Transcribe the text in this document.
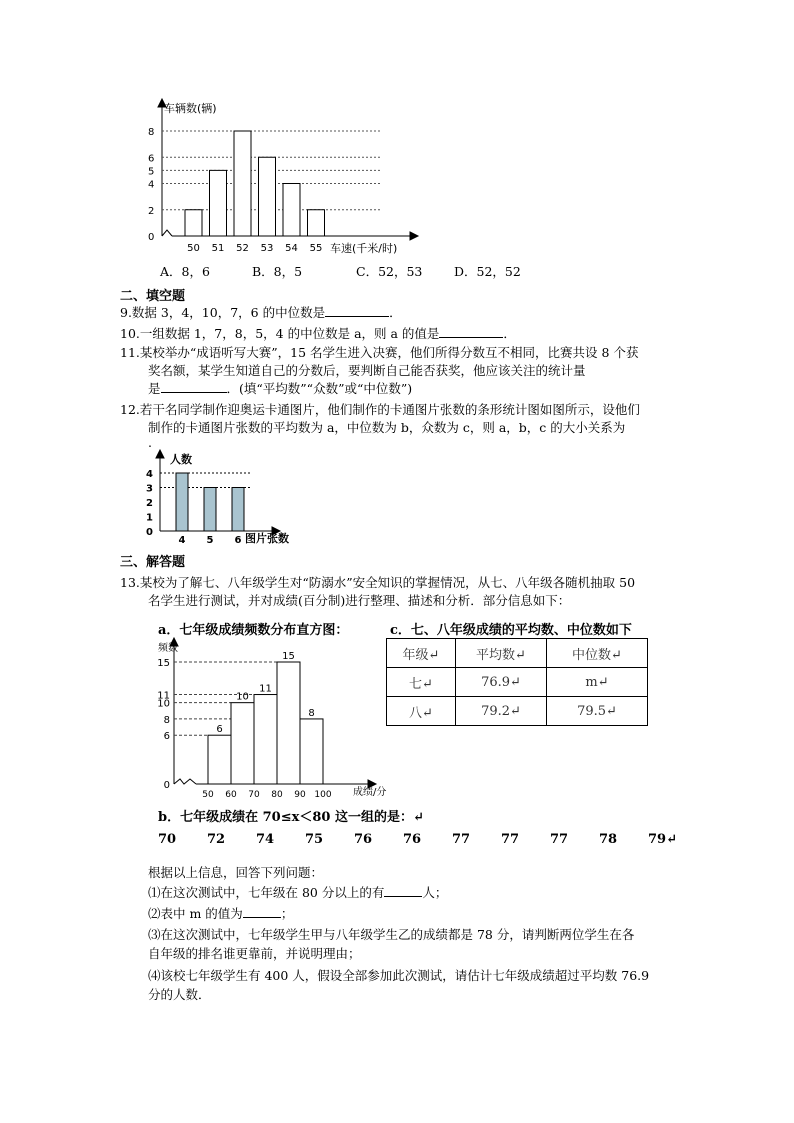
0
2
4
5
6
8
50 51 52 53 54 55
车辆数(辆)
车速(千米/时)
A．8，6	B．8，5	C．52，53	D．52，52
二、填空题
9.数据 3，4，10，7，6 的中位数是	．
10.一组数据 1，7，8，5，4 的中位数是 a，则 a 的值是	．
11.某校举办“成语听写大赛”，15 名学生进入决赛，他们所得分数互不相同，比赛共设 8 个获
奖名额，某学生知道自己的分数后，要判断自己能否获奖，他应该关注的统计量
是	．(填“平均数”“众数”或“中位数”)
12.若干名同学制作迎奥运卡通图片，他们制作的卡通图片张数的条形统计图如图所示，设他们
制作的卡通图片张数的平均数为 a，中位数为 b，众数为 c，则 a，b，c 的大小关系为
.
0
1
2
3
4
4 5 6
人数
图片张数
三、解答题
13.某校为了解七、八年级学生对“防溺水”安全知识的掌握情况，从七、八年级各随机抽取 50
名学生进行测试，并对成绩(百分制)进行整理、描述和分析．部分信息如下：
a．七年级成绩频数分布直方图：	c．七、八年级成绩的平均数、中位数如下
0
6
8
10
11
15
6
10
11
15
8
50 60 70 80 90 100
频数
成绩/分
年级↵	平均数↵	中位数↵
七↵	76.9↵	m↵
八↵	79.2↵	79.5↵
b．七年级成绩在 70≤x＜80 这一组的是：↵
70 72 74 75 76 76 77 77 77 78 79↵
根据以上信息，回答下列问题：
⑴在这次测试中，七年级在 80 分以上的有	人；
⑵表中 m 的值为	；
⑶在这次测试中，七年级学生甲与八年级学生乙的成绩都是 78 分，请判断两位学生在各
自年级的排名谁更靠前，并说明理由；
⑷该校七年级学生有 400 人，假设全部参加此次测试，请估计七年级成绩超过平均数 76.9
分的人数．
